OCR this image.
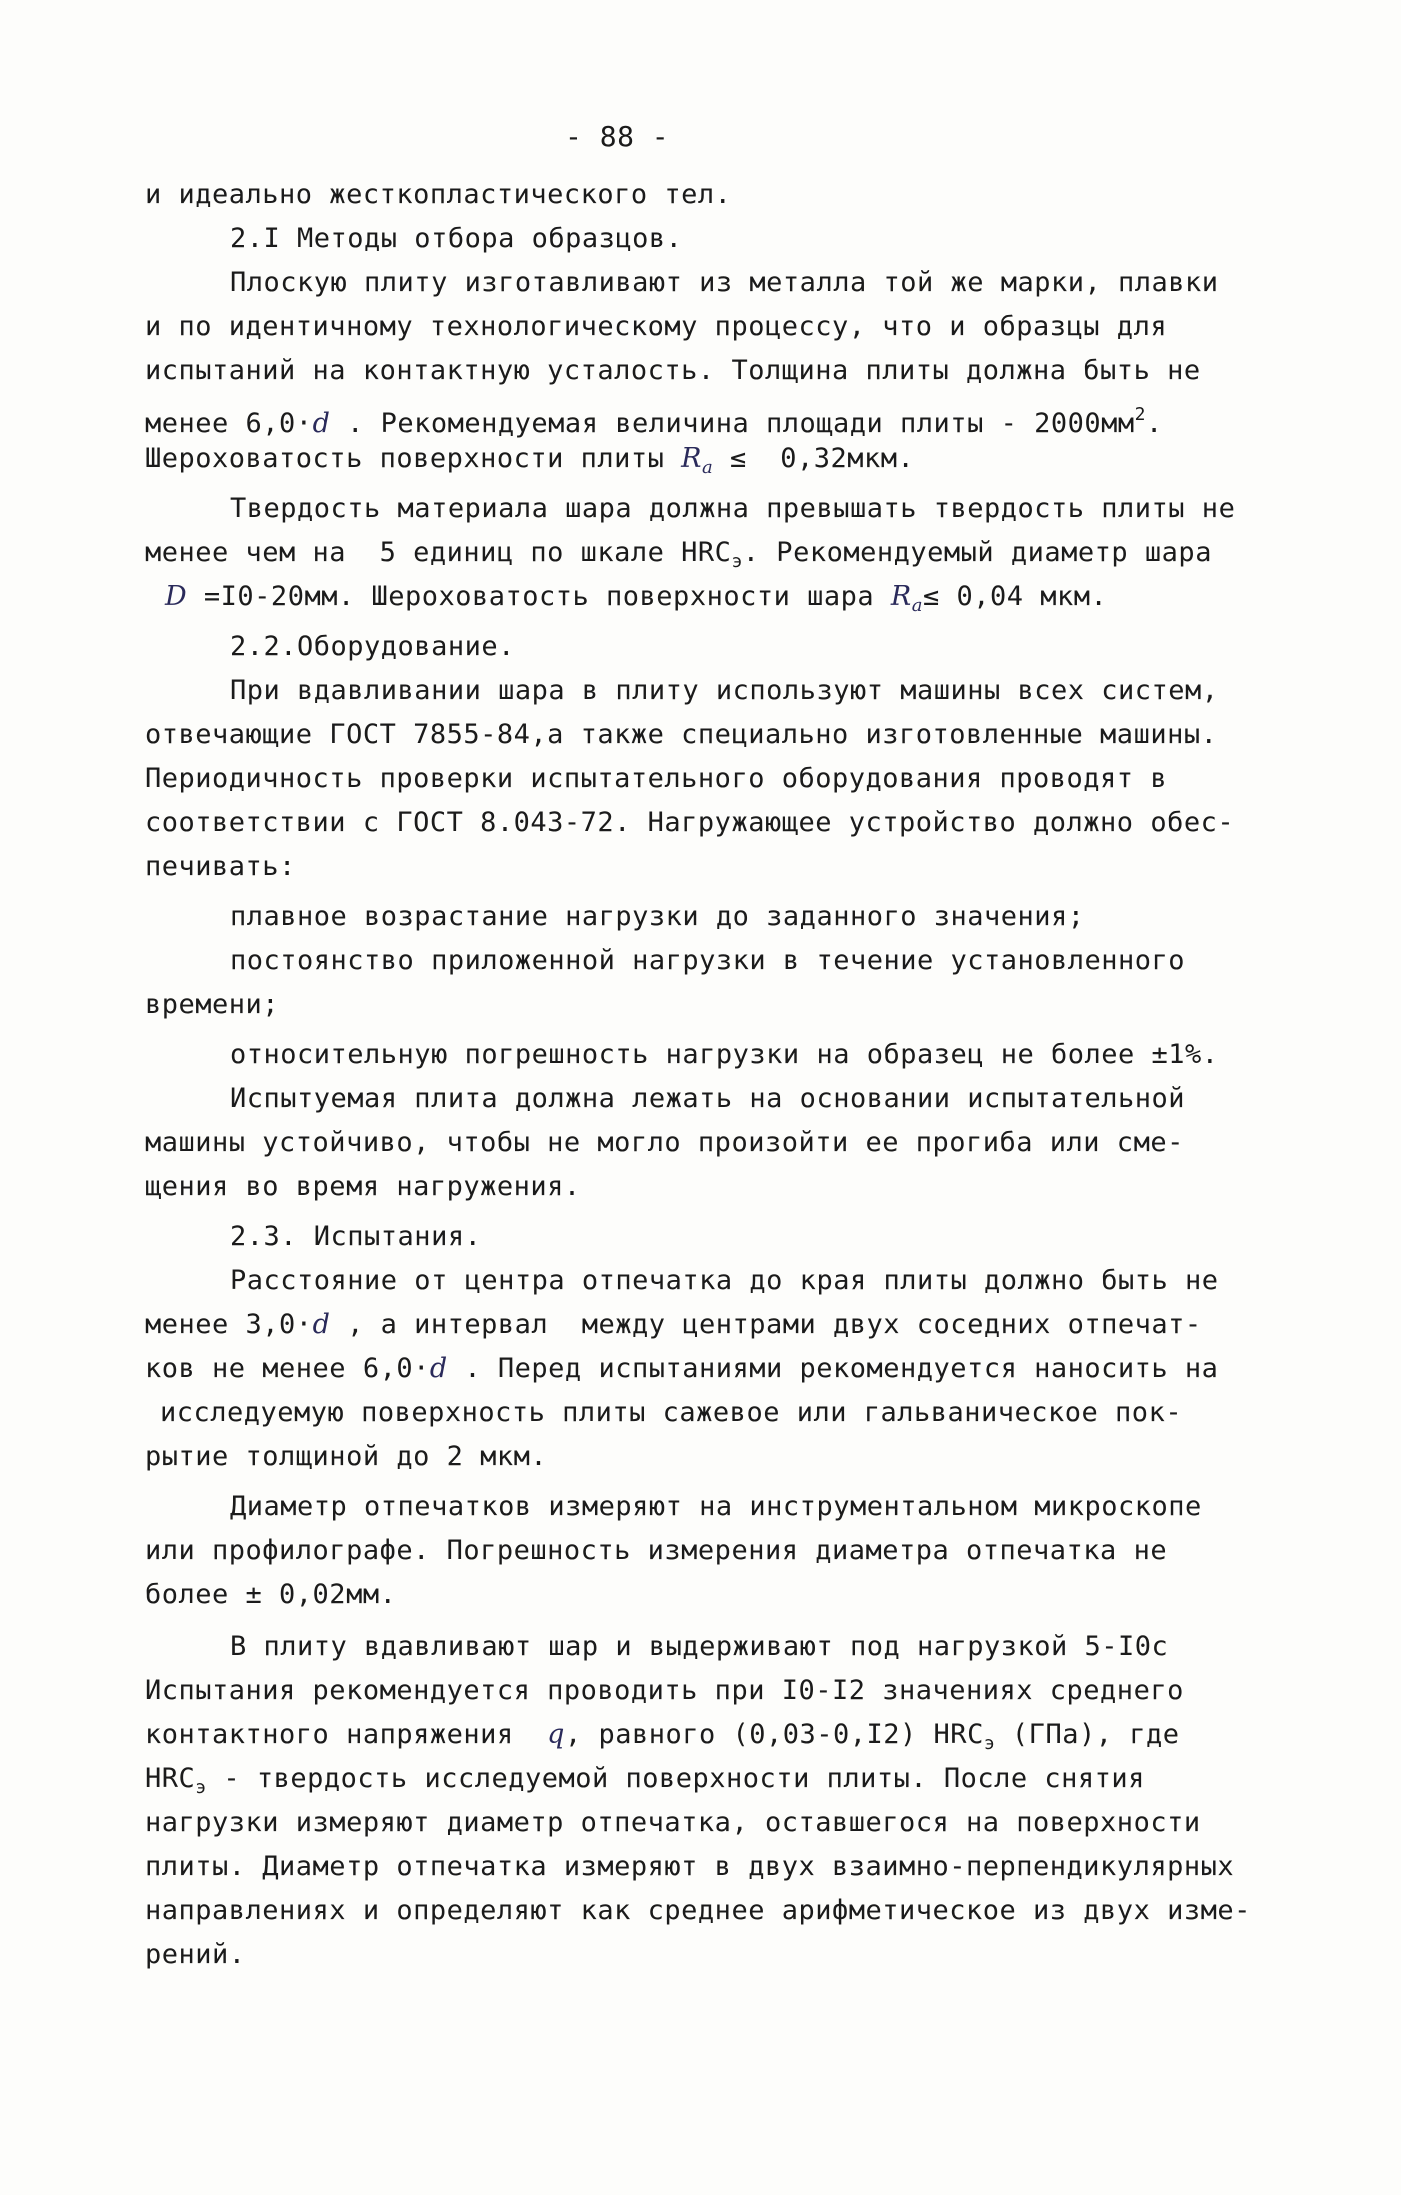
- 88 -
и идеально жесткопластического тел.
2.I Методы отбора образцов.
Плоскую плиту изготавливают из металла той же марки, плавки
и по идентичному технологическому процессу, что и образцы для
испытаний на контактную усталость. Толщина плиты должна быть не
менее 6,0·d . Рекомендуемая величина площади плиты - $2000мм^2$.
Шероховатость поверхности плиты $R_a \le 0,32мкм$.
Твердость материала шара должна превышать твердость плиты не
менее чем на  5 единиц по шкале $HRC_э$. Рекомендуемый диаметр шара
D =I0-20мм. Шероховатость поверхности шара $R_a\le 0,04$ мкм.
2.2.Оборудование.
При вдавливании шара в плиту используют машины всех систем,
отвечающие ГОСТ 7855-84,а также специально изготовленные машины.
Периодичность проверки испытательного оборудования проводят в
соответствии с ГОСТ 8.043-72. Нагружающее устройство должно обес-
печивать:
плавное возрастание нагрузки до заданного значения;
постоянство приложенной нагрузки в течение установленного
времени;
относительную погрешность нагрузки на образец не более ±1%.
Испытуемая плита должна лежать на основании испытательной
машины устойчиво, чтобы не могло произойти ее прогиба или сме-
щения во время нагружения.
2.3. Испытания.
Расстояние от центра отпечатка до края плиты должно быть не
менее 3,0·d , а интервал  между центрами двух соседних отпечат-
ков не менее 6,0·d . Перед испытаниями рекомендуется наносить на
исследуемую поверхность плиты сажевое или гальваническое пок-
рытие толщиной до 2 мкм.
Диаметр отпечатков измеряют на инструментальном микроскопе
или профилографе. Погрешность измерения диаметра отпечатка не
более ± 0,02мм.
В плиту вдавливают шар и выдерживают под нагрузкой 5-I0с
Испытания рекомендуется проводить при I0-I2 значениях среднего
контактного напряжения  q, равного (0,03-0,I2) $HRC_э$ (ГПа), где
$HRC_э$ - твердость исследуемой поверхности плиты. После снятия
нагрузки измеряют диаметр отпечатка, оставшегося на поверхности
плиты. Диаметр отпечатка измеряют в двух взаимно-перпендикулярных
направлениях и определяют как среднее арифметическое из двух изме-
рений.
